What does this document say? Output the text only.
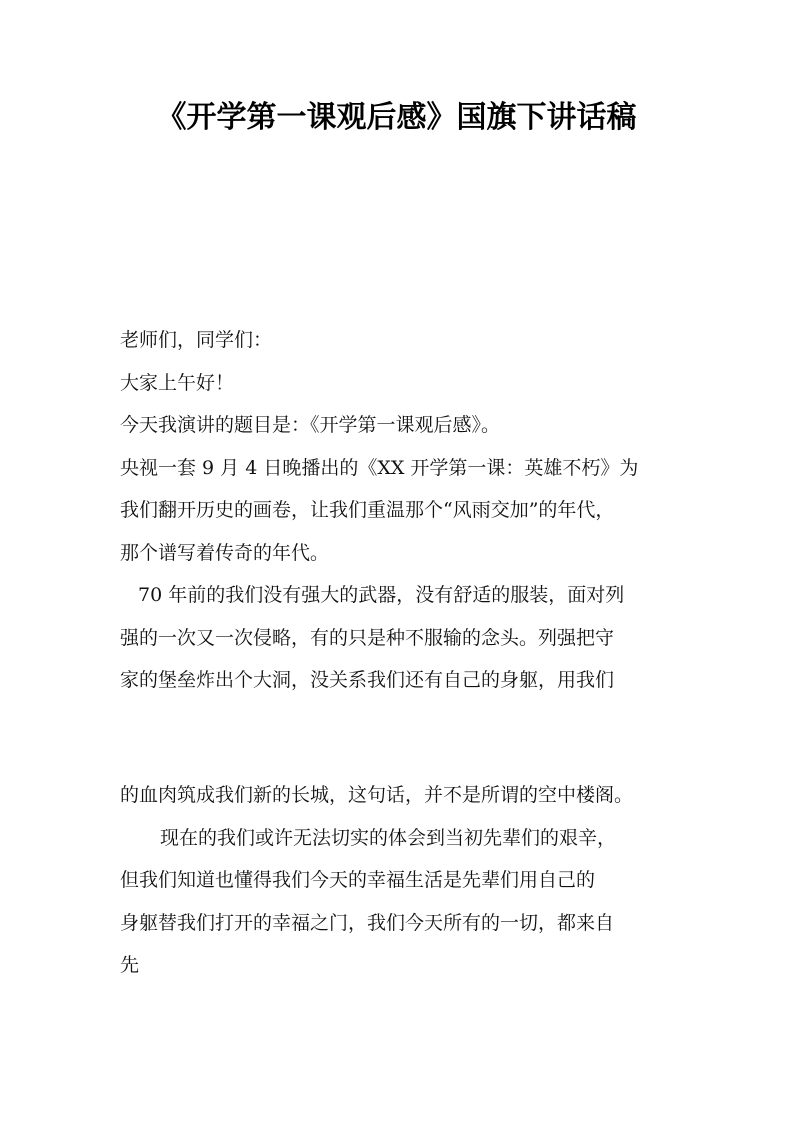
《开学第一课观后感》国旗下讲话稿
老师们，同学们：
大家上午好！
今天我演讲的题目是：《开学第一课观后感》。
央视一套 9 月 4 日晚播出的《XX 开学第一课：英雄不朽》为
我们翻开历史的画卷，让我们重温那个“风雨交加”的年代，
那个谱写着传奇的年代。
70 年前的我们没有强大的武器，没有舒适的服装，面对列
强的一次又一次侵略，有的只是种不服输的念头。列强把守
家的堡垒炸出个大洞，没关系我们还有自己的身躯，用我们
的血肉筑成我们新的长城，这句话，并不是所谓的空中楼阁。
现在的我们或许无法切实的体会到当初先辈们的艰辛，
但我们知道也懂得我们今天的幸福生活是先辈们用自己的
身躯替我们打开的幸福之门，我们今天所有的一切，都来自
先
